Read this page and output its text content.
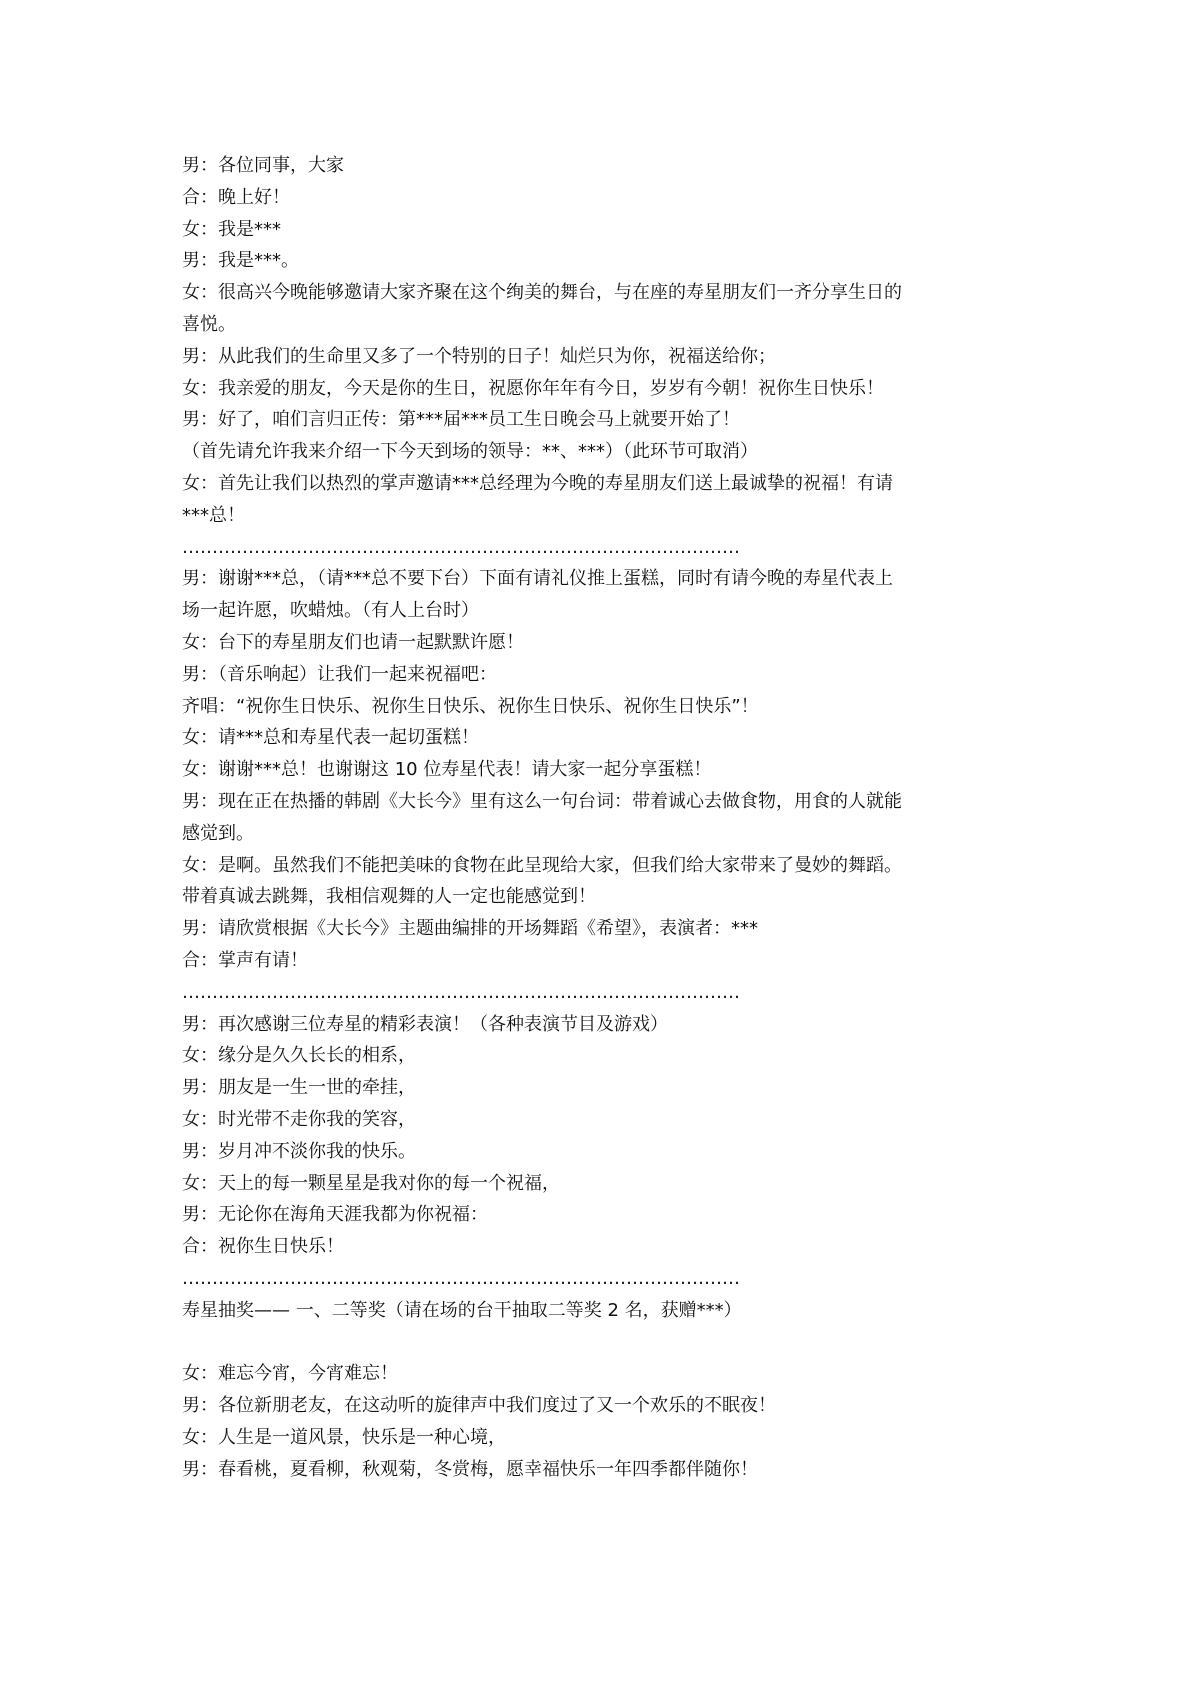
男：各位同事，大家
合：晚上好！
女：我是***
男：我是***。
女：很高兴今晚能够邀请大家齐聚在这个绚美的舞台，与在座的寿星朋友们一齐分享生日的
喜悦。
男：从此我们的生命里又多了一个特别的日子！灿烂只为你，祝福送给你；
女：我亲爱的朋友，今天是你的生日，祝愿你年年有今日，岁岁有今朝！祝你生日快乐！
男：好了，咱们言归正传：第***届***员工生日晚会马上就要开始了！
（首先请允许我来介绍一下今天到场的领导：**、***）（此环节可取消）
女：首先让我们以热烈的掌声邀请***总经理为今晚的寿星朋友们送上最诚挚的祝福！有请
***总！
…………………………………………………………………………………
男：谢谢***总，（请***总不要下台）下面有请礼仪推上蛋糕，同时有请今晚的寿星代表上
场一起许愿，吹蜡烛。（有人上台时）
女：台下的寿星朋友们也请一起默默许愿！
男：（音乐响起）让我们一起来祝福吧：
齐唱：“祝你生日快乐、祝你生日快乐、祝你生日快乐、祝你生日快乐”！
女：请***总和寿星代表一起切蛋糕！
女：谢谢***总！也谢谢这 10 位寿星代表！请大家一起分享蛋糕！
男：现在正在热播的韩剧《大长今》里有这么一句台词：带着诚心去做食物，用食的人就能
感觉到。
女：是啊。虽然我们不能把美味的食物在此呈现给大家，但我们给大家带来了曼妙的舞蹈。
带着真诚去跳舞，我相信观舞的人一定也能感觉到！
男：请欣赏根据《大长今》主题曲编排的开场舞蹈《希望》，表演者：***
合：掌声有请！
…………………………………………………………………………………
男：再次感谢三位寿星的精彩表演！（各种表演节目及游戏）
女：缘分是久久长长的相系，
男：朋友是一生一世的牵挂，
女：时光带不走你我的笑容，
男：岁月冲不淡你我的快乐。
女：天上的每一颗星星是我对你的每一个祝福，
男：无论你在海角天涯我都为你祝福：
合：祝你生日快乐！
…………………………………………………………………………………
寿星抽奖—— 一、二等奖（请在场的台干抽取二等奖 2 名，获赠***）
女：难忘今宵，今宵难忘！
男：各位新朋老友，在这动听的旋律声中我们度过了又一个欢乐的不眠夜！
女：人生是一道风景，快乐是一种心境，
男：春看桃，夏看柳，秋观菊，冬赏梅，愿幸福快乐一年四季都伴随你！
